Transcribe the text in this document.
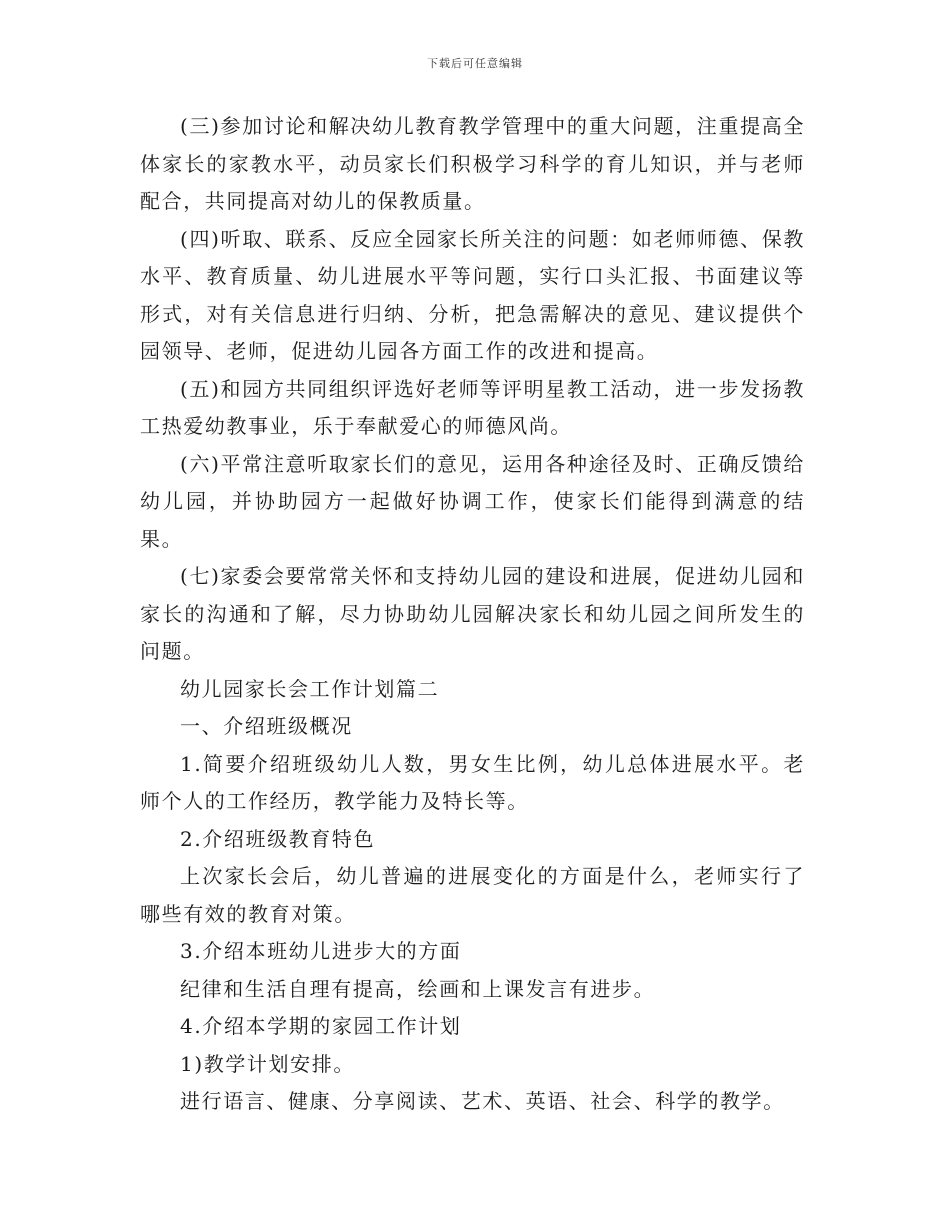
下载后可任意编辑

(三)参加讨论和解决幼儿教育教学管理中的重大问题，注重提高全体家长的家教水平，动员家长们积极学习科学的育儿知识，并与老师配合，共同提高对幼儿的保教质量。

(四)听取、联系、反应全园家长所关注的问题：如老师师德、保教水平、教育质量、幼儿进展水平等问题，实行口头汇报、书面建议等形式，对有关信息进行归纳、分析，把急需解决的意见、建议提供个园领导、老师，促进幼儿园各方面工作的改进和提高。

(五)和园方共同组织评选好老师等评明星教工活动，进一步发扬教工热爱幼教事业，乐于奉献爱心的师德风尚。

(六)平常注意听取家长们的意见，运用各种途径及时、正确反馈给幼儿园，并协助园方一起做好协调工作，使家长们能得到满意的结果。

(七)家委会要常常关怀和支持幼儿园的建设和进展，促进幼儿园和家长的沟通和了解，尽力协助幼儿园解决家长和幼儿园之间所发生的问题。

幼儿园家长会工作计划篇二

一、介绍班级概况

1.简要介绍班级幼儿人数，男女生比例，幼儿总体进展水平。老师个人的工作经历，教学能力及特长等。

2.介绍班级教育特色

上次家长会后，幼儿普遍的进展变化的方面是什么，老师实行了哪些有效的教育对策。

3.介绍本班幼儿进步大的方面

纪律和生活自理有提高，绘画和上课发言有进步。

4.介绍本学期的家园工作计划

1)教学计划安排。

进行语言、健康、分享阅读、艺术、英语、社会、科学的教学。
